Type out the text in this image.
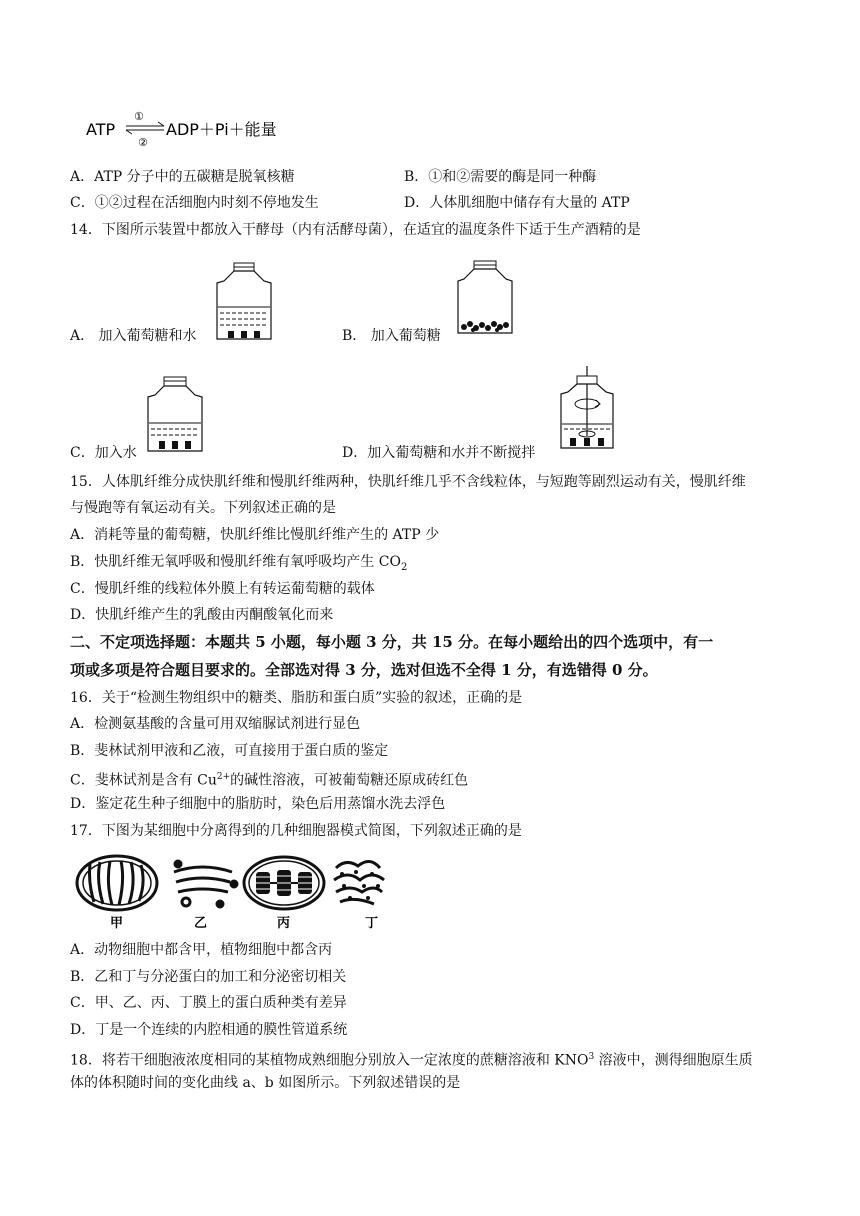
ATP
①
②
ADP＋Pi＋能量
A．ATP 分子中的五碳糖是脱氧核糖	B．①和②需要的酶是同一种酶
C．①②过程在活细胞内时刻不停地发生	D．人体肌细胞中储存有大量的 ATP
14．下图所示装置中都放入干酵母（内有活酵母菌），在适宜的温度条件下适于生产酒精的是
A． 加入葡萄糖和水	B． 加入葡萄糖
C．加入水	D．加入葡萄糖和水并不断搅拌
15．人体肌纤维分成快肌纤维和慢肌纤维两种，快肌纤维几乎不含线粒体，与短跑等剧烈运动有关，慢肌纤维
与慢跑等有氧运动有关。下列叙述正确的是
A．消耗等量的葡萄糖，快肌纤维比慢肌纤维产生的 ATP 少
B．快肌纤维无氧呼吸和慢肌纤维有氧呼吸均产生 $CO_2$
C．慢肌纤维的线粒体外膜上有转运葡萄糖的载体
D．快肌纤维产生的乳酸由丙酮酸氧化而来
二、不定项选择题：本题共 5 小题，每小题 3 分，共 15 分。在每小题给出的四个选项中，有一
项或多项是符合题目要求的。全部选对得 3 分，选对但选不全得 1 分，有选错得 0 分。
16．关于“检测生物组织中的糖类、脂肪和蛋白质”实验的叙述，正确的是
A．检测氨基酸的含量可用双缩脲试剂进行显色
B．斐林试剂甲液和乙液，可直接用于蛋白质的鉴定
C．斐林试剂是含有 $Cu^{2+}$的碱性溶液，可被葡萄糖还原成砖红色
D．鉴定花生种子细胞中的脂肪时，染色后用蒸馏水洗去浮色
17．下图为某细胞中分离得到的几种细胞器模式简图，下列叙述正确的是
甲	乙	丙	丁
A．动物细胞中都含甲，植物细胞中都含丙
B．乙和丁与分泌蛋白的加工和分泌密切相关
C．甲、乙、丙、丁膜上的蛋白质种类有差异
D．丁是一个连续的内腔相通的膜性管道系统
18．将若干细胞液浓度相同的某植物成熟细胞分别放入一定浓度的蔗糖溶液和 KNO$^3$ 溶液中，测得细胞原生质
体的体积随时间的变化曲线 a、b 如图所示。下列叙述错误的是
